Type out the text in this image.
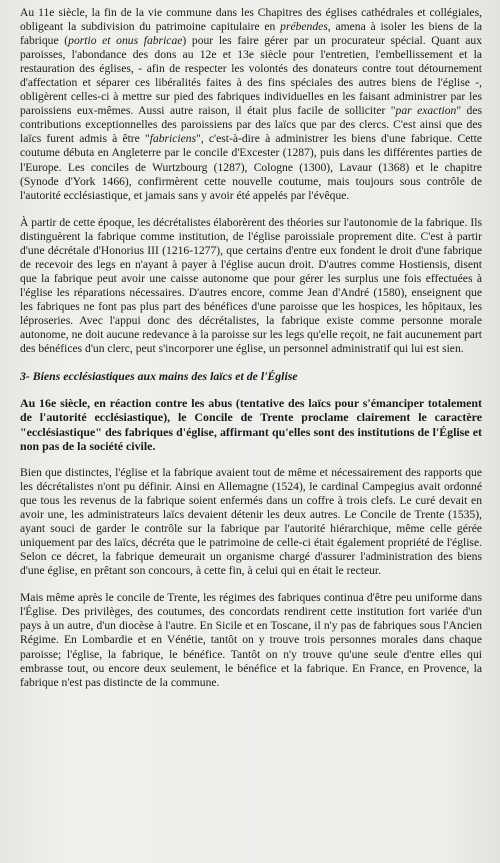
Au 11e siècle, la fin de la vie commune dans les Chapitres des églises cathédrales et collégiales, obligeant la subdivision du patrimoine capitulaire en prébendes, amena à isoler les biens de la fabrique (portio et onus fabricae) pour les faire gérer par un procurateur spécial. Quant aux paroisses, l'abondance des dons au 12e et 13e siècle pour l'entretien, l'embellissement et la restauration des églises, - afin de respecter les volontés des donateurs contre tout détournement d'affectation et séparer ces libéralités faites à des fins spéciales des autres biens de l'église -, obligèrent celles-ci à mettre sur pied des fabriques individuelles en les faisant administrer par les paroissiens eux-mêmes. Aussi autre raison, il était plus facile de solliciter "par exaction" des contributions exceptionnelles des paroissiens par des laïcs que par des clercs. C'est ainsi que des laïcs furent admis à être "fabriciens", c'est-à-dire à administrer les biens d'une fabrique. Cette coutume débuta en Angleterre par le concile d'Excester (1287), puis dans les différentes parties de l'Europe. Les conciles de Wurtzbourg (1287), Cologne (1300), Lavaur (1368) et le chapitre (Synode d'York 1466), confirmèrent cette nouvelle coutume, mais toujours sous contrôle de l'autorité ecclésiastique, et jamais sans y avoir été appelés par l'évêque.

À partir de cette époque, les décrétalistes élaborèrent des théories sur l'autonomie de la fabrique. Ils distinguèrent la fabrique comme institution, de l'église paroissiale proprement dite. C'est à partir d'une décrétale d'Honorius III (1216-1277), que certains d'entre eux fondent le droit d'une fabrique de recevoir des legs en n'ayant à payer à l'église aucun droit. D'autres comme Hostiensis, disent que la fabrique peut avoir une caisse autonome que pour gérer les surplus une fois effectuées à l'église les réparations nécessaires. D'autres encore, comme Jean d'André (1580), enseignent que les fabriques ne font pas plus part des bénéfices d'une paroisse que les hospices, les hôpitaux, les léproseries. Avec l'appui donc des décrétalistes, la fabrique existe comme personne morale autonome, ne doit aucune redevance à la paroisse sur les legs qu'elle reçoit, ne fait aucunement part des bénéfices d'un clerc, peut s'incorporer une église, un personnel administratif qui lui est sien.

3- Biens ecclésiastiques aux mains des laïcs et de l'Église

Au 16e siècle, en réaction contre les abus (tentative des laïcs pour s'émanciper totalement de l'autorité ecclésiastique), le Concile de Trente proclame clairement le caractère "ecclésiastique" des fabriques d'église, affirmant qu'elles sont des institutions de l'Église et non pas de la société civile.

Bien que distinctes, l'église et la fabrique avaient tout de même et nécessairement des rapports que les décrétalistes n'ont pu définir. Ainsi en Allemagne (1524), le cardinal Campegius avait ordonné que tous les revenus de la fabrique soient enfermés dans un coffre à trois clefs. Le curé devait en avoir une, les administrateurs laïcs devaient détenir les deux autres. Le Concile de Trente (1535), ayant souci de garder le contrôle sur la fabrique par l'autorité hiérarchique, même celle gérée uniquement par des laïcs, décréta que le patrimoine de celle-ci était également propriété de l'église. Selon ce décret, la fabrique demeurait un organisme chargé d'assurer l'administration des biens d'une église, en prêtant son concours, à cette fin, à celui qui en était le recteur.

Mais même après le concile de Trente, les régimes des fabriques continua d'être peu uniforme dans l'Église. Des privilèges, des coutumes, des concordats rendirent cette institution fort variée d'un pays à un autre, d'un diocèse à l'autre. En Sicile et en Toscane, il n'y pas de fabriques sous l'Ancien Régime. En Lombardie et en Vénétie, tantôt on y trouve trois personnes morales dans chaque paroisse; l'église, la fabrique, le bénéfice. Tantôt on n'y trouve qu'une seule d'entre elles qui embrasse tout, ou encore deux seulement, le bénéfice et la fabrique. En France, en Provence, la fabrique n'est pas distincte de la commune.
